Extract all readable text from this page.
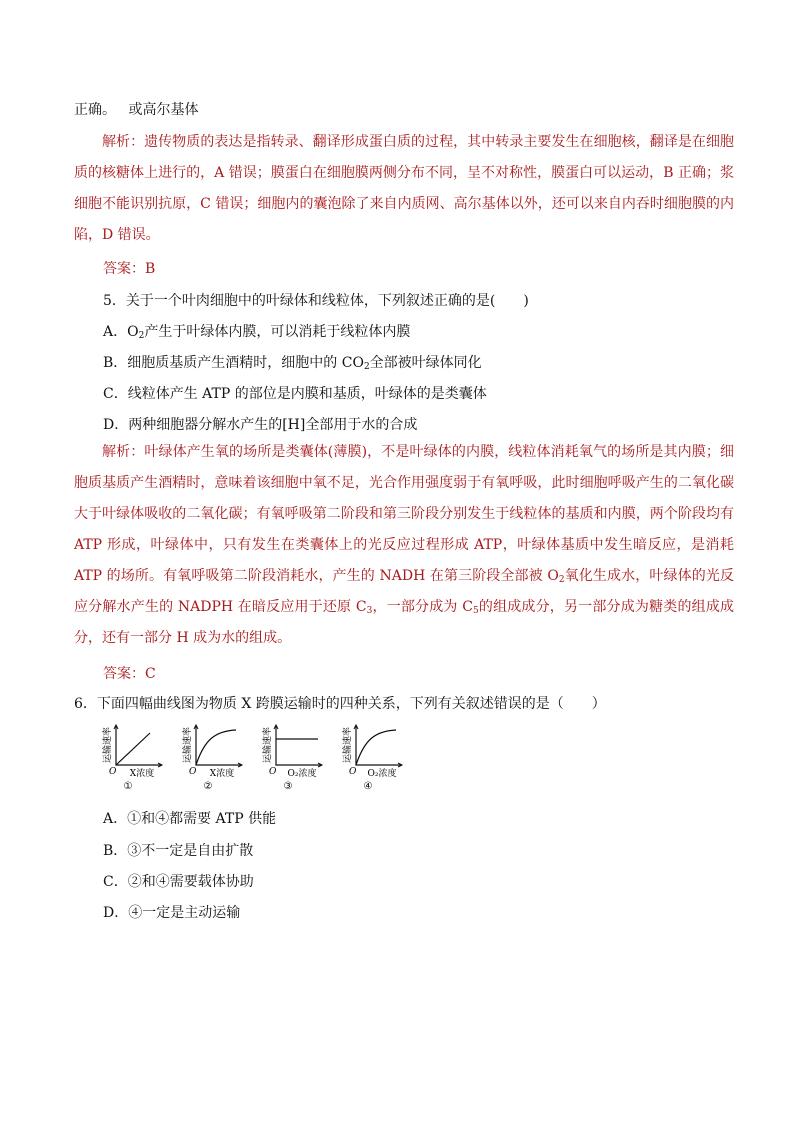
正确。 或高尔基体
解析：遗传物质的表达是指转录、翻译形成蛋白质的过程，其中转录主要发生在细胞核，翻译是在细胞质的核糖体上进行的，A 错误；膜蛋白在细胞膜两侧分布不同，呈不对称性，膜蛋白可以运动，B 正确；浆细胞不能识别抗原，C 错误；细胞内的囊泡除了来自内质网、高尔基体以外，还可以来自内吞时细胞膜的内陷，D 错误。
答案：B
5．关于一个叶肉细胞中的叶绿体和线粒体，下列叙述正确的是(　　)
A．$O_2$产生于叶绿体内膜，可以消耗于线粒体内膜
B．细胞质基质产生酒精时，细胞中的 $CO_2$全部被叶绿体同化
C．线粒体产生 ATP 的部位是内膜和基质，叶绿体的是类囊体
D．两种细胞器分解水产生的[H]全部用于水的合成
解析：叶绿体产生氧的场所是类囊体(薄膜)，不是叶绿体的内膜，线粒体消耗氧气的场所是其内膜；细胞质基质产生酒精时，意味着该细胞中氧不足，光合作用强度弱于有氧呼吸，此时细胞呼吸产生的二氧化碳大于叶绿体吸收的二氧化碳；有氧呼吸第二阶段和第三阶段分别发生于线粒体的基质和内膜，两个阶段均有 ATP 形成，叶绿体中，只有发生在类囊体上的光反应过程形成 ATP，叶绿体基质中发生暗反应，是消耗 ATP 的场所。有氧呼吸第二阶段消耗水，产生的 NADH 在第三阶段全部被 $O_2$氧化生成水，叶绿体的光反应分解水产生的 NADPH 在暗反应用于还原 $C_3$，一部分成为 $C_5$的组成成分，另一部分成为糖类的组成成分，还有一部分 H 成为水的组成。
答案：C
6．下面四幅曲线图为物质 X 跨膜运输时的四种关系，下列有关叙述错误的是（　　）
运输速率
O X浓度
①
运输速率
O X浓度
②
运输速率
O O₂浓度
③
运输速率
O O₂浓度
④
A．①和④都需要 ATP 供能
B．③不一定是自由扩散
C．②和④需要载体协助
D．④一定是主动运输
